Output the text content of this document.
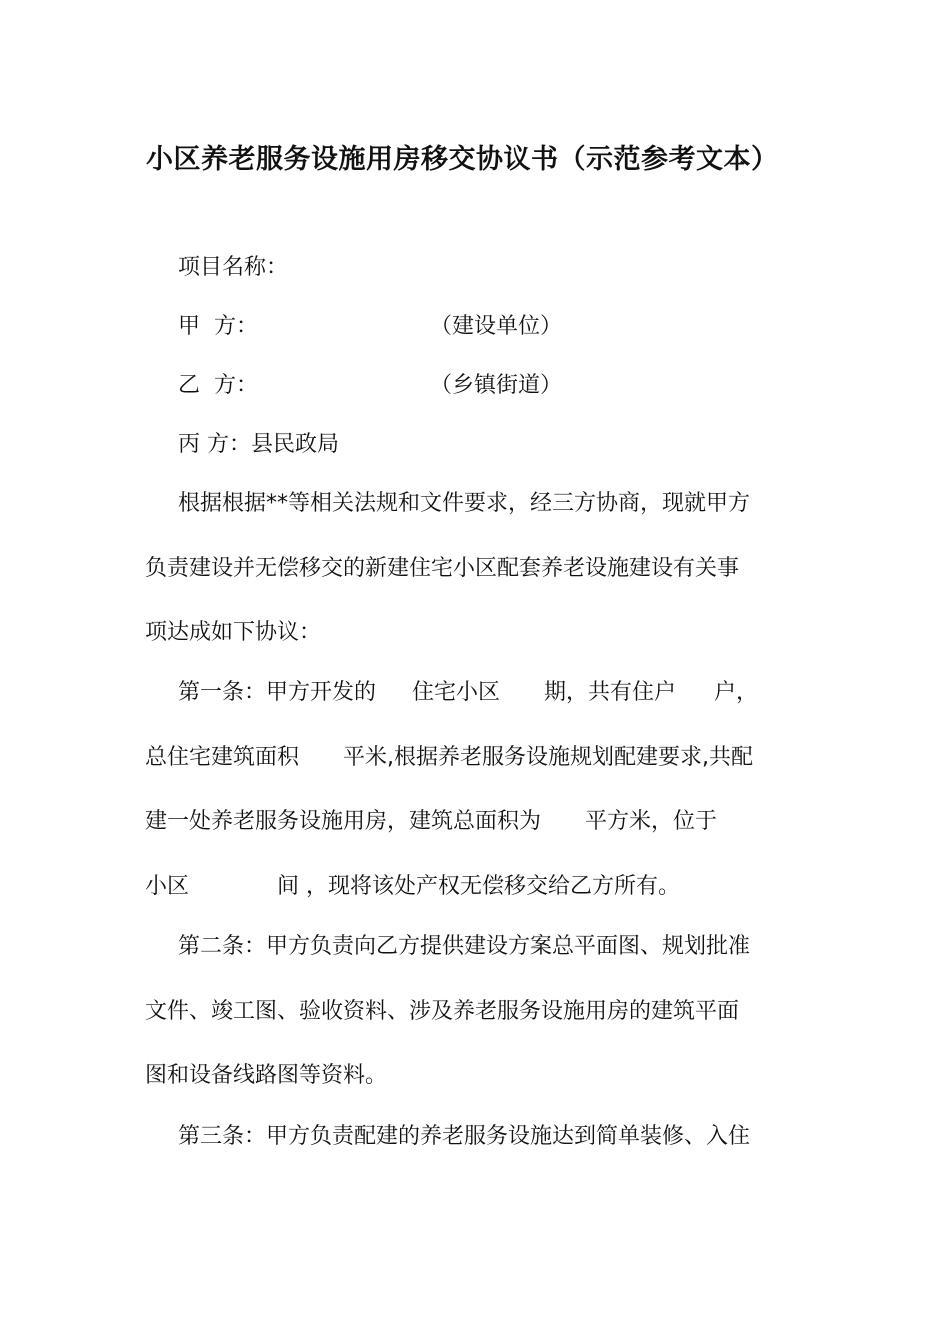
小区养老服务设施用房移交协议书（示范参考文本）
项目名称：
甲  方：	（建设单位）
乙  方：	（乡镇街道）
丙 方：县民政局
根据根据**等相关法规和文件要求，经三方协商，现就甲方
负责建设并无偿移交的新建住宅小区配套养老设施建设有关事
项达成如下协议：
第一条：甲方开发的 住宅小区 期，共有住户 户，
总住宅建筑面积 平米,根据养老服务设施规划配建要求,共配
建一处养老服务设施用房，建筑总面积为 平方米，位于
小区	间 ，现将该处产权无偿移交给乙方所有。
第二条：甲方负责向乙方提供建设方案总平面图、规划批准
文件、竣工图、验收资料、涉及养老服务设施用房的建筑平面
图和设备线路图等资料。
第三条：甲方负责配建的养老服务设施达到简单装修、入住
